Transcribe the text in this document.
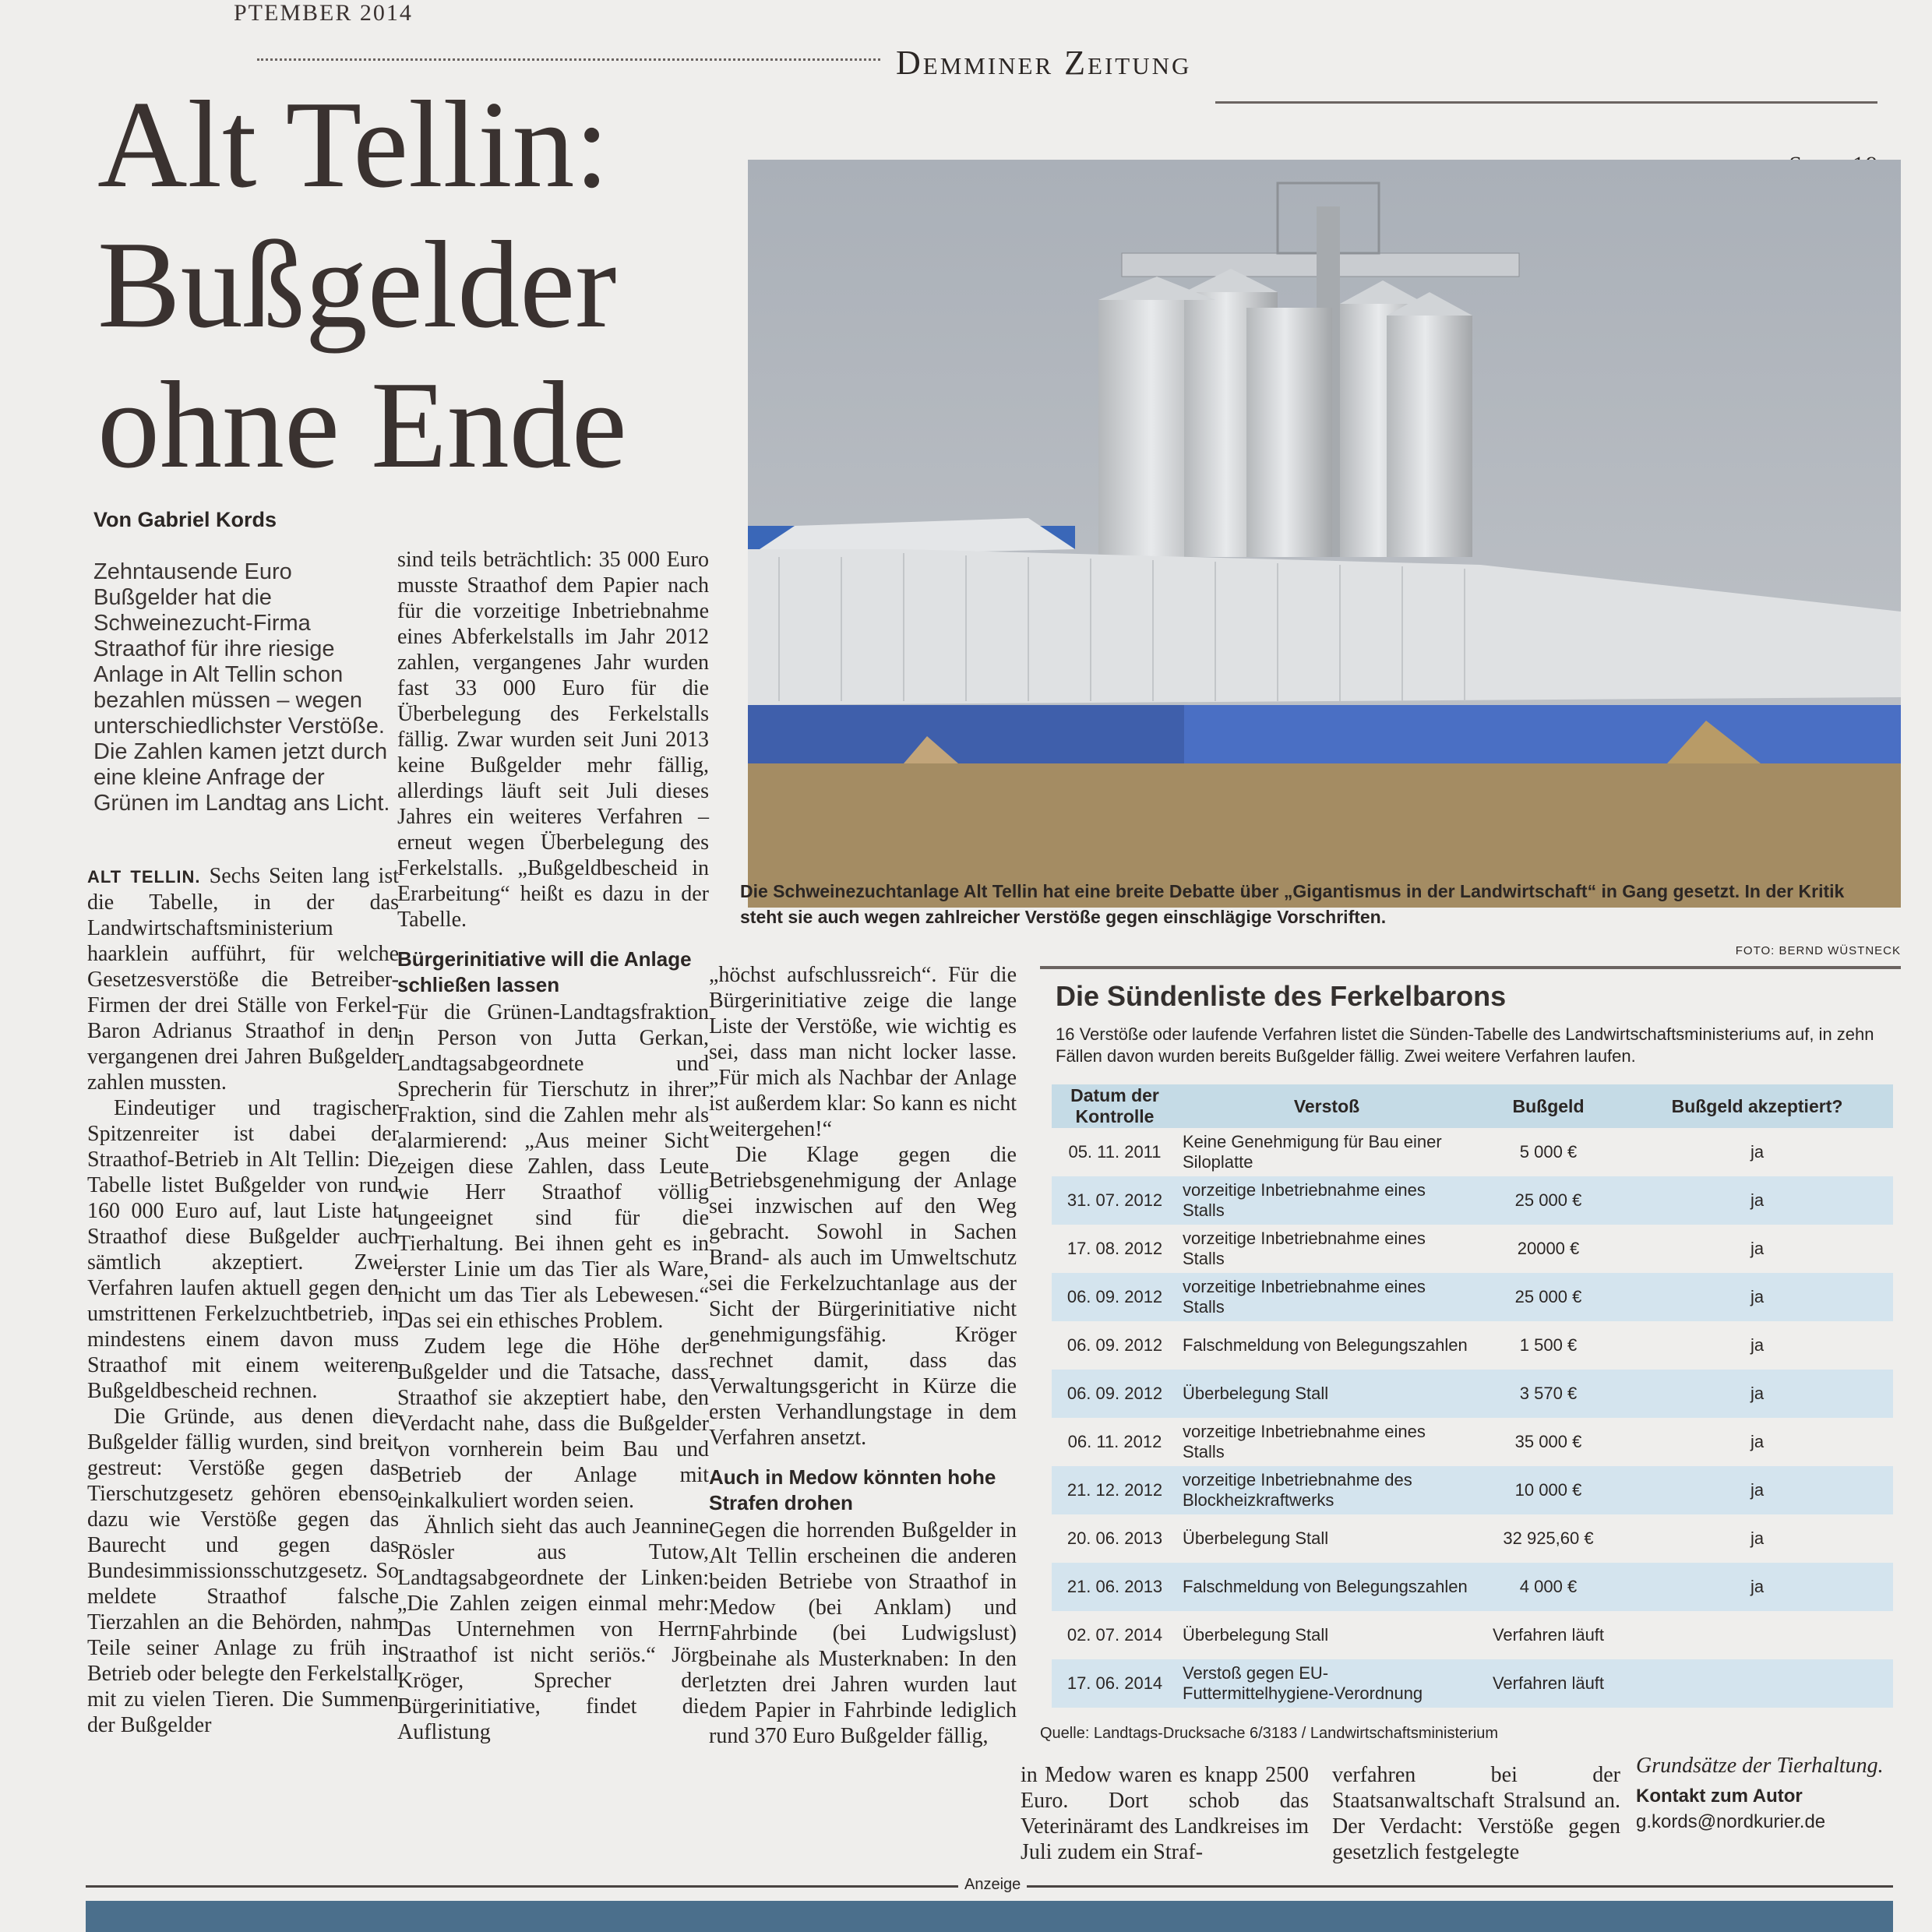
PTEMBER 2014
Demminer Zeitung
Alt Tellin:
Bußgelder
ohne Ende
Von Gabriel Kords
Zehntausende Euro Bußgelder hat die Schweinezucht-Firma Straathof für ihre riesige Anlage in Alt Tellin schon bezahlen müssen – wegen unterschiedlichster Verstöße. Die Zahlen kamen jetzt durch eine kleine Anfrage der Grünen im Landtag ans Licht.

ALT TELLIN. Sechs Seiten lang ist die Tabelle, in der das Landwirtschaftsministerium haarklein aufführt, für welche Gesetzesverstöße die Betreiber-Firmen der drei Ställe von Ferkel-Baron Adrianus Straathof in den vergangenen drei Jahren Bußgelder zahlen mussten.

Eindeutiger und tragischer Spitzenreiter ist dabei der Straathof-Betrieb in Alt Tellin: Die Tabelle listet Bußgelder von rund 160 000 Euro auf, laut Liste hat Straathof diese Bußgelder auch sämtlich akzeptiert. Zwei Verfahren laufen aktuell gegen den umstrittenen Ferkelzuchtbetrieb, in mindestens einem davon muss Straathof mit einem weiteren Bußgeldbescheid rechnen.

Die Gründe, aus denen die Bußgelder fällig wurden, sind breit gestreut: Verstöße gegen das Tierschutzgesetz gehören ebenso dazu wie Verstöße gegen das Baurecht und gegen das Bundesimmissionsschutzgesetz. So meldete Straathof falsche Tierzahlen an die Behörden, nahm Teile seiner Anlage zu früh in Betrieb oder belegte den Ferkelstall mit zu vielen Tieren. Die Summen der Bußgelder

sind teils beträchtlich: 35 000 Euro musste Straathof dem Papier nach für die vorzeitige Inbetriebnahme eines Abferkelstalls im Jahr 2012 zahlen, vergangenes Jahr wurden fast 33 000 Euro für die Überbelegung des Ferkelstalls fällig. Zwar wurden seit Juni 2013 keine Bußgelder mehr fällig, allerdings läuft seit Juli dieses Jahres ein weiteres Verfahren – erneut wegen Überbelegung des Ferkelstalls. „Bußgeldbescheid in Erarbeitung“ heißt es dazu in der Tabelle.

Bürgerinitiative will die Anlage schließen lassen

Für die Grünen-Landtagsfraktion in Person von Jutta Gerkan, Landtagsabgeordnete und Sprecherin für Tierschutz in ihrer Fraktion, sind die Zahlen mehr als alarmierend: „Aus meiner Sicht zeigen diese Zahlen, dass Leute wie Herr Straathof völlig ungeeignet sind für die Tierhaltung. Bei ihnen geht es in erster Linie um das Tier als Ware, nicht um das Tier als Lebewesen.“ Das sei ein ethisches Problem.

Zudem lege die Höhe der Bußgelder und die Tatsache, dass Straathof sie akzeptiert habe, den Verdacht nahe, dass die Bußgelder von vornherein beim Bau und Betrieb der Anlage mit einkalkuliert worden seien.

Ähnlich sieht das auch Jeannine Rösler aus Tutow, Landtagsabgeordnete der Linken: „Die Zahlen zeigen einmal mehr: Das Unternehmen von Herrn Straathof ist nicht seriös.“ Jörg Kröger, Sprecher der Bürgerinitiative, findet die Auflistung

„höchst aufschlussreich“. Für die Bürgerinitiative zeige die lange Liste der Verstöße, wie wichtig es sei, dass man nicht locker lasse. „Für mich als Nachbar der Anlage ist außerdem klar: So kann es nicht weitergehen!“

Die Klage gegen die Betriebsgenehmigung der Anlage sei inzwischen auf den Weg gebracht. Sowohl in Sachen Brand- als auch im Umweltschutz sei die Ferkelzuchtanlage aus der Sicht der Bürgerinitiative nicht genehmigungsfähig. Kröger rechnet damit, dass das Verwaltungsgericht in Kürze die ersten Verhandlungstage in dem Verfahren ansetzt.

Auch in Medow könnten hohe Strafen drohen

Gegen die horrenden Bußgelder in Alt Tellin erscheinen die anderen beiden Betriebe von Straathof in Medow (bei Anklam) und Fahrbinde (bei Ludwigslust) beinahe als Musterknaben: In den letzten drei Jahren wurden laut dem Papier in Fahrbinde lediglich rund 370 Euro Bußgelder fällig,

in Medow waren es knapp 2500 Euro. Dort schob das Veterinäramt des Landkreises im Juli zudem ein Straf-

verfahren bei der Staatsanwaltschaft Stralsund an. Der Verdacht: Verstöße gegen gesetzlich festgelegte

Grundsätze der Tierhaltung.

Kontakt zum Autor
g.kords@nordkurier.de
Die Schweinezuchtanlage Alt Tellin hat eine breite Debatte über „Gigantismus in der Landwirtschaft“ in Gang gesetzt. In der Kritik steht sie auch wegen zahlreicher Verstöße gegen einschlägige Vorschriften.
FOTO: BERND WÜSTNECK
Die Sündenliste des Ferkelbarons

16 Verstöße oder laufende Verfahren listet die Sünden-Tabelle des Landwirtschaftsministeriums auf, in zehn Fällen davon wurden bereits Bußgelder fällig. Zwei weitere Verfahren laufen.

Datum der Kontrolle	Verstoß	Bußgeld	Bußgeld akzeptiert?
05. 11. 2011	Keine Genehmigung für Bau einer Siloplatte	5 000 €	ja
31. 07. 2012	vorzeitige Inbetriebnahme eines Stalls	25 000 €	ja
17. 08. 2012	vorzeitige Inbetriebnahme eines Stalls	20000 €	ja
06. 09. 2012	vorzeitige Inbetriebnahme eines Stalls	25 000 €	ja
06. 09. 2012	Falschmeldung von Belegungszahlen	1 500 €	ja
06. 09. 2012	Überbelegung Stall	3 570 €	ja
06. 11. 2012	vorzeitige Inbetriebnahme eines Stalls	35 000 €	ja
21. 12. 2012	vorzeitige Inbetriebnahme des Blockheizkraftwerks	10 000 €	ja
20. 06. 2013	Überbelegung Stall	32 925,60 €	ja
21. 06. 2013	Falschmeldung von Belegungszahlen	4 000 €	ja
02. 07. 2014	Überbelegung Stall	Verfahren läuft	
17. 06. 2014	Verstoß gegen EU-Futtermittelhygiene-Verordnung	Verfahren läuft	
Quelle: Landtags-Drucksache 6/3183 / Landwirtschaftsministerium
Anzeige
